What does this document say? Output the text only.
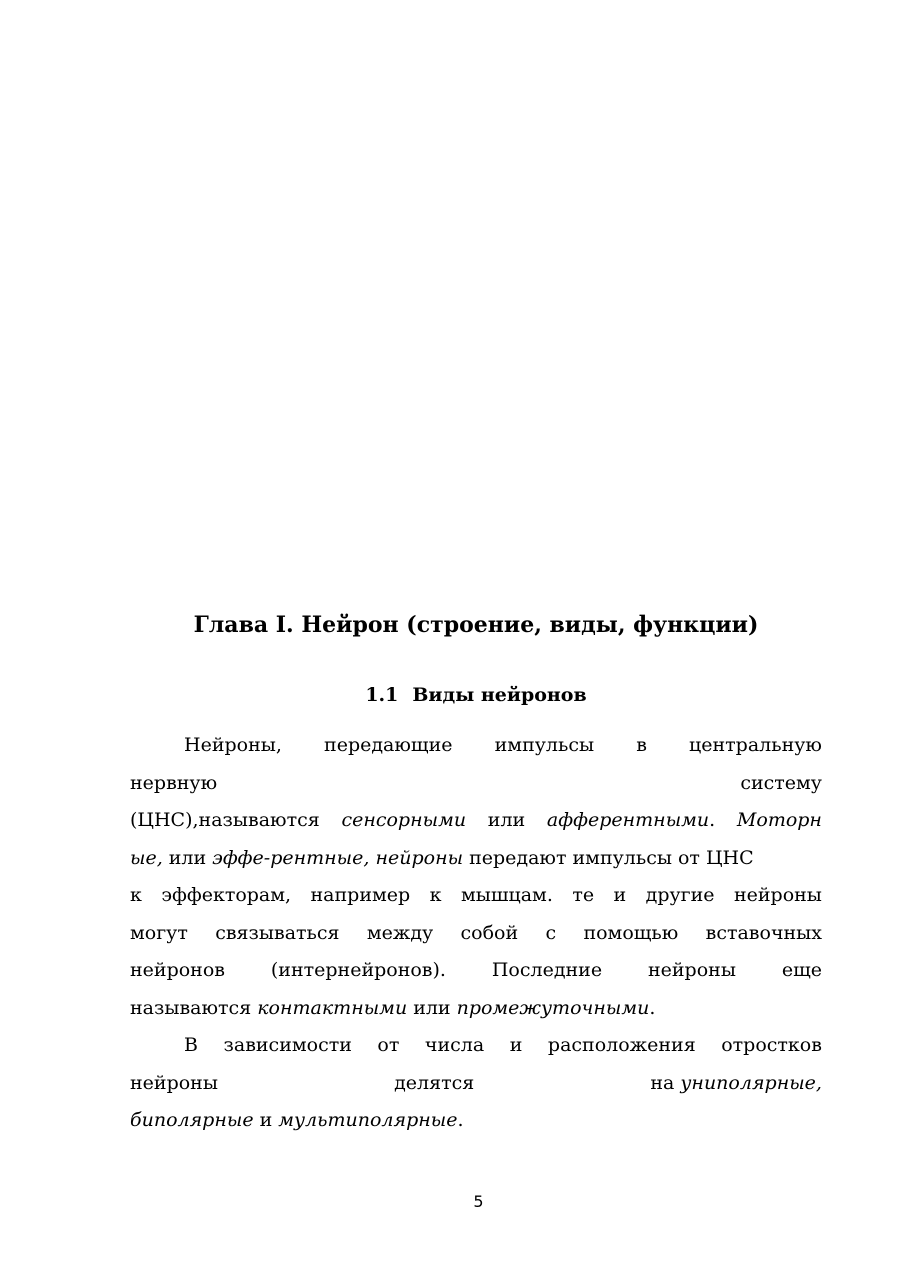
Глава I. Нейрон (строение, виды, функции)
1.1 Виды нейронов
Нейроны, передающие импульсы в центральную
нервную	систему
(ЦНС),называются сенсорными или афферентными. Моторн
ые, или эффе-рентные, нейроны передают импульсы от ЦНС
к эффекторам, например к мышцам. те и другие нейроны
могут связываться между собой с помощью вставочных
нейронов (интернейронов). Последние нейроны еще
называются контактными или промежуточными.
В зависимости от числа и расположения отростков
нейроны	делятся	на униполярные,
биполярные и мультиполярные.
5
